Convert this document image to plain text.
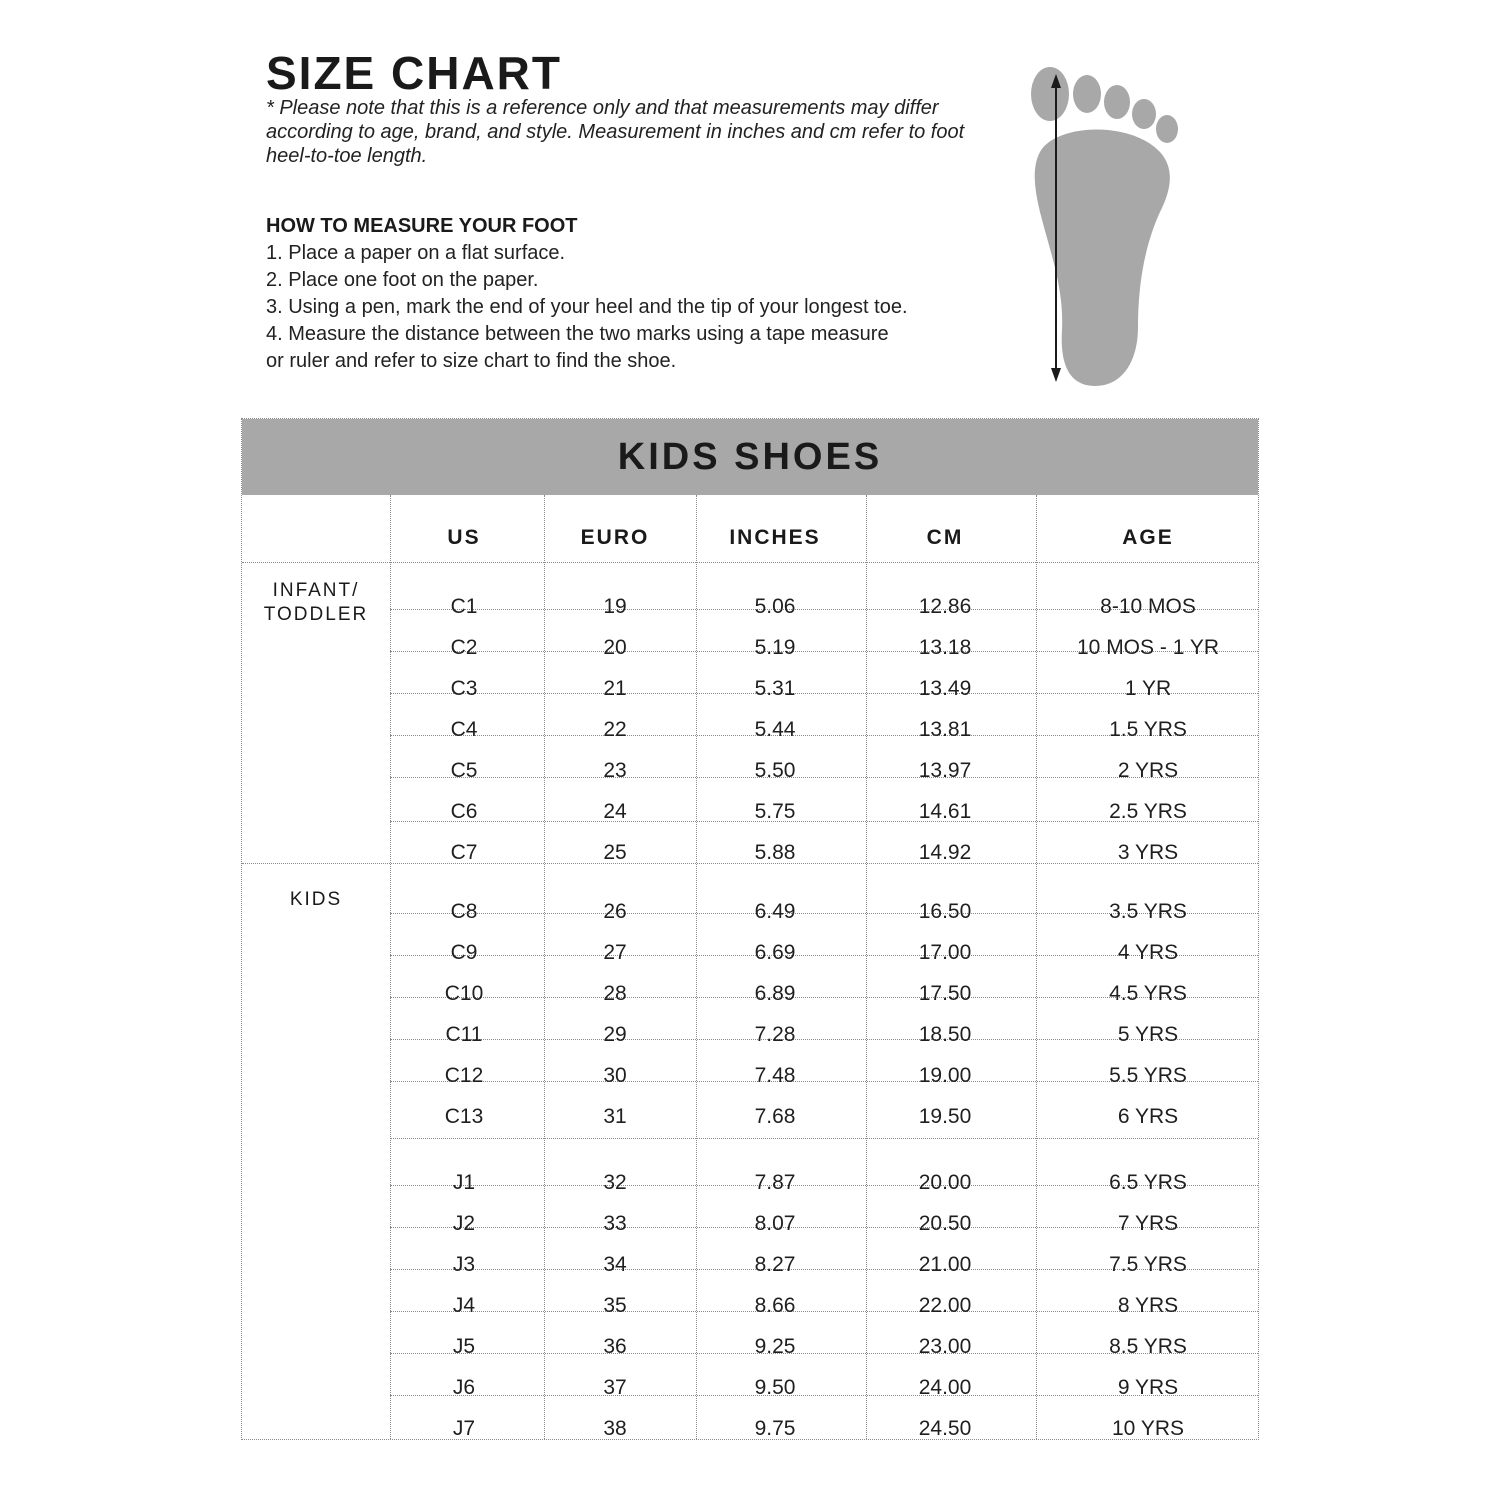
SIZE CHART
* Please note that this is a reference only and that measurements may differ according to age, brand, and style. Measurement in inches and cm refer to foot heel-to-toe length.
HOW TO MEASURE YOUR FOOT
1. Place a paper on a flat surface.
2. Place one foot on the paper.
3. Using a pen, mark the end of your heel and the tip of your longest toe.
4. Measure the distance between the two marks using a tape measure
or ruler and refer to size chart to find the shoe.
KIDS SHOES
US	EURO	INCHES	CM	AGE
INFANT/
TODDLER	C1	19	5.06	12.86	8-10 MOS
C2	20	5.19	13.18	10 MOS - 1 YR
C3	21	5.31	13.49	1 YR
C4	22	5.44	13.81	1.5 YRS
C5	23	5.50	13.97	2 YRS
C6	24	5.75	14.61	2.5 YRS
C7	25	5.88	14.92	3 YRS
KIDS
C8	26	6.49	16.50	3.5 YRS
C9	27	6.69	17.00	4 YRS
C10	28	6.89	17.50	4.5 YRS
C11	29	7.28	18.50	5 YRS
C12	30	7.48	19.00	5.5 YRS
C13	31	7.68	19.50	6 YRS
J1	32	7.87	20.00	6.5 YRS
J2	33	8.07	20.50	7 YRS
J3	34	8.27	21.00	7.5 YRS
J4	35	8.66	22.00	8 YRS
J5	36	9.25	23.00	8.5 YRS
J6	37	9.50	24.00	9 YRS
J7	38	9.75	24.50	10 YRS
